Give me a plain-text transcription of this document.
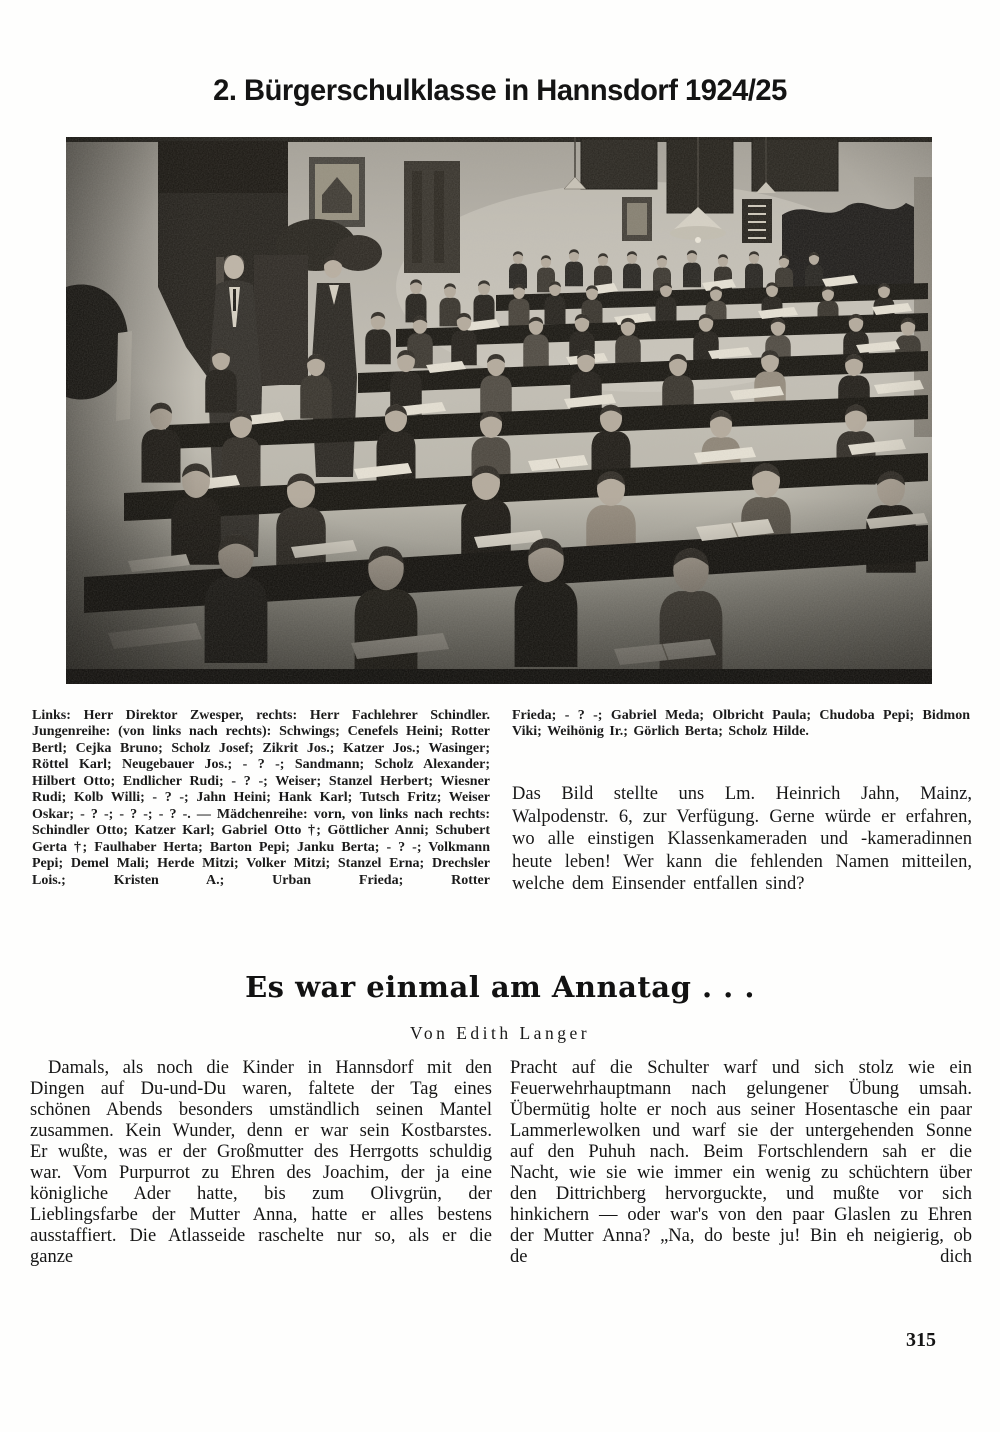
2. Bürgerschulklasse in Hannsdorf 1924/25

Links: Herr Direktor Zwesper, rechts: Herr Fachlehrer Schindler. Jungenreihe: (von links nach rechts): Schwings; Cenefels Heini; Rotter Bertl; Cejka Bruno; Scholz Josef; Zikrit Jos.; Katzer Jos.; Wasinger; Röttel Karl; Neugebauer Jos.; - ? -; Sandmann; Scholz Alexander; Hilbert Otto; Endlicher Rudi; - ? -; Weiser; Stanzel Herbert; Wiesner Rudi; Kolb Willi; - ? -; Jahn Heini; Hank Karl; Tutsch Fritz; Weiser Oskar; - ? -; - ? -; - ? -. — Mädchenreihe: vorn, von links nach rechts: Schindler Otto; Katzer Karl; Gabriel Otto †; Göttlicher Anni; Schubert Gerta †; Faulhaber Herta; Barton Pepi; Janku Berta; - ? -; Volkmann Pepi; Demel Mali; Herde Mitzi; Volker Mitzi; Stanzel Erna; Drechsler Lois.; Kristen A.; Urban Frieda; Rotter

Frieda; - ? -; Gabriel Meda; Olbricht Paula; Chudoba Pepi; Bidmon Viki; Weihönig Ir.; Görlich Berta; Scholz Hilde.

Das Bild stellte uns Lm. Heinrich Jahn, Mainz, Walpodenstr. 6, zur Verfügung. Gerne würde er erfahren, wo alle einstigen Klassenkameraden und -kameradinnen heute leben! Wer kann die fehlenden Namen mitteilen, welche dem Einsender entfallen sind?

Es war einmal am Annatag . . .
Von Edith Langer

Damals, als noch die Kinder in Hannsdorf mit den Dingen auf Du-und-Du waren, faltete der Tag eines schönen Abends besonders umständlich seinen Mantel zusammen. Kein Wunder, denn er war sein Kostbarstes. Er wußte, was er der Großmutter des Herrgotts schuldig war. Vom Purpurrot zu Ehren des Joachim, der ja eine königliche Ader hatte, bis zum Olivgrün, der Lieblingsfarbe der Mutter Anna, hatte er alles bestens ausstaffiert. Die Atlasseide raschelte nur so, als er die ganze

Pracht auf die Schulter warf und sich stolz wie ein Feuerwehrhauptmann nach gelungener Übung umsah. Übermütig holte er noch aus seiner Hosentasche ein paar Lammerlewolken und warf sie der untergehenden Sonne auf den Puhuh nach. Beim Fortschlendern sah er die Nacht, wie sie wie immer ein wenig zu schüchtern über den Dittrichberg hervorguckte, und mußte vor sich hinkichern — oder war's von den paar Glaslen zu Ehren der Mutter Anna? „Na, do beste ju! Bin eh neigierig, ob de dich

315
